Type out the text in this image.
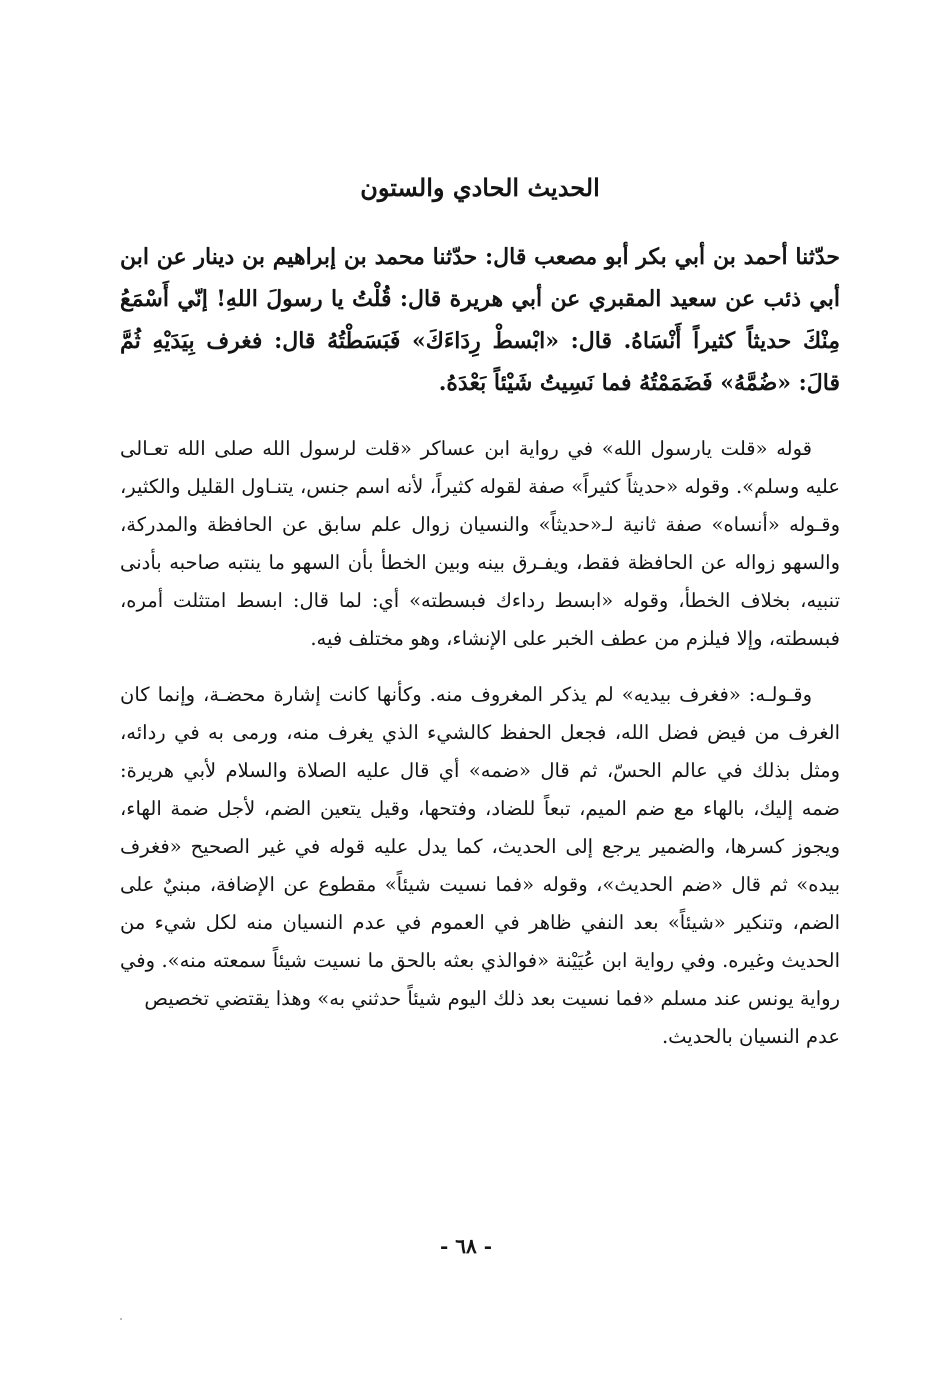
الحديث الحادي والستون
حدّثنا أحمد بن أبي بكر أبو مصعب قال: حدّثنا محمد بن إبراهيم بن دينار عن ابن أبي ذئب عن سعيد المقبري عن أبي هريرة قال: قُلْتُ يا رسولَ اللهِ! إنّي أَسْمَعُ مِنْكَ حديثاً كثيراً أَنْسَاهُ. قال: «ابْسطْ رِدَاءَكَ» فَبَسَطْتُهُ قال: فغرف بِيَدَيْهِ ثُمَّ قالَ: «ضُمَّهُ» فَضَمَمْتُهُ فما نَسِيتُ شَيْئاً بَعْدَهُ.
قوله «قلت يارسول الله» في رواية ابن عساكر «قلت لرسول الله صلى الله تعـالى عليه وسلم». وقوله «حديثاً كثيراً» صفة لقوله كثيراً، لأنه اسم جنس، يتنـاول القليل والكثير، وقـوله «أنساه» صفة ثانية لـ«حديثاً» والنسيان زوال علم سابق عن الحافظة والمدركة، والسهو زواله عن الحافظة فقط، ويفـرق بينه وبين الخطأ بأن السهو ما ينتبه صاحبه بأدنى تنبيه، بخلاف الخطأ، وقوله «ابسط رداءك فبسطته» أي: لما قال: ابسط امتثلت أمره، فبسطته، وإلا فيلزم من عطف الخبر على الإنشاء، وهو مختلف فيه.
وقـولـه: «فغرف بيديه» لم يذكر المغروف منه. وكأنها كانت إشارة محضـة، وإنما كان الغرف من فيض فضل الله، فجعل الحفظ كالشيء الذي يغرف منه، ورمى به في ردائه، ومثل بذلك في عالم الحسّ، ثم قال «ضمه» أي قال عليه الصلاة والسلام لأبي هريرة: ضمه إليك، بالهاء مع ضم الميم، تبعاً للضاد، وفتحها، وقيل يتعين الضم، لأجل ضمة الهاء، ويجوز كسرها، والضمير يرجع إلى الحديث، كما يدل عليه قوله في غير الصحيح «فغرف بيده» ثم قال «ضم الحديث»، وقوله «فما نسيت شيئاً» مقطوع عن الإضافة، مبنيٌ على الضم، وتنكير «شيئاً» بعد النفي ظاهر في العموم في عدم النسيان منه لكل شيء من الحديث وغيره. وفي رواية ابن عُيَيْنة «فوالذي بعثه بالحق ما نسيت شيئاً سمعته منه». وفي رواية يونس عند مسلم «فما نسيت بعد ذلك اليوم شيئاً حدثني به» وهذا يقتضي تخصيص
عدم النسيان بالحديث.
- ٦٨ -
